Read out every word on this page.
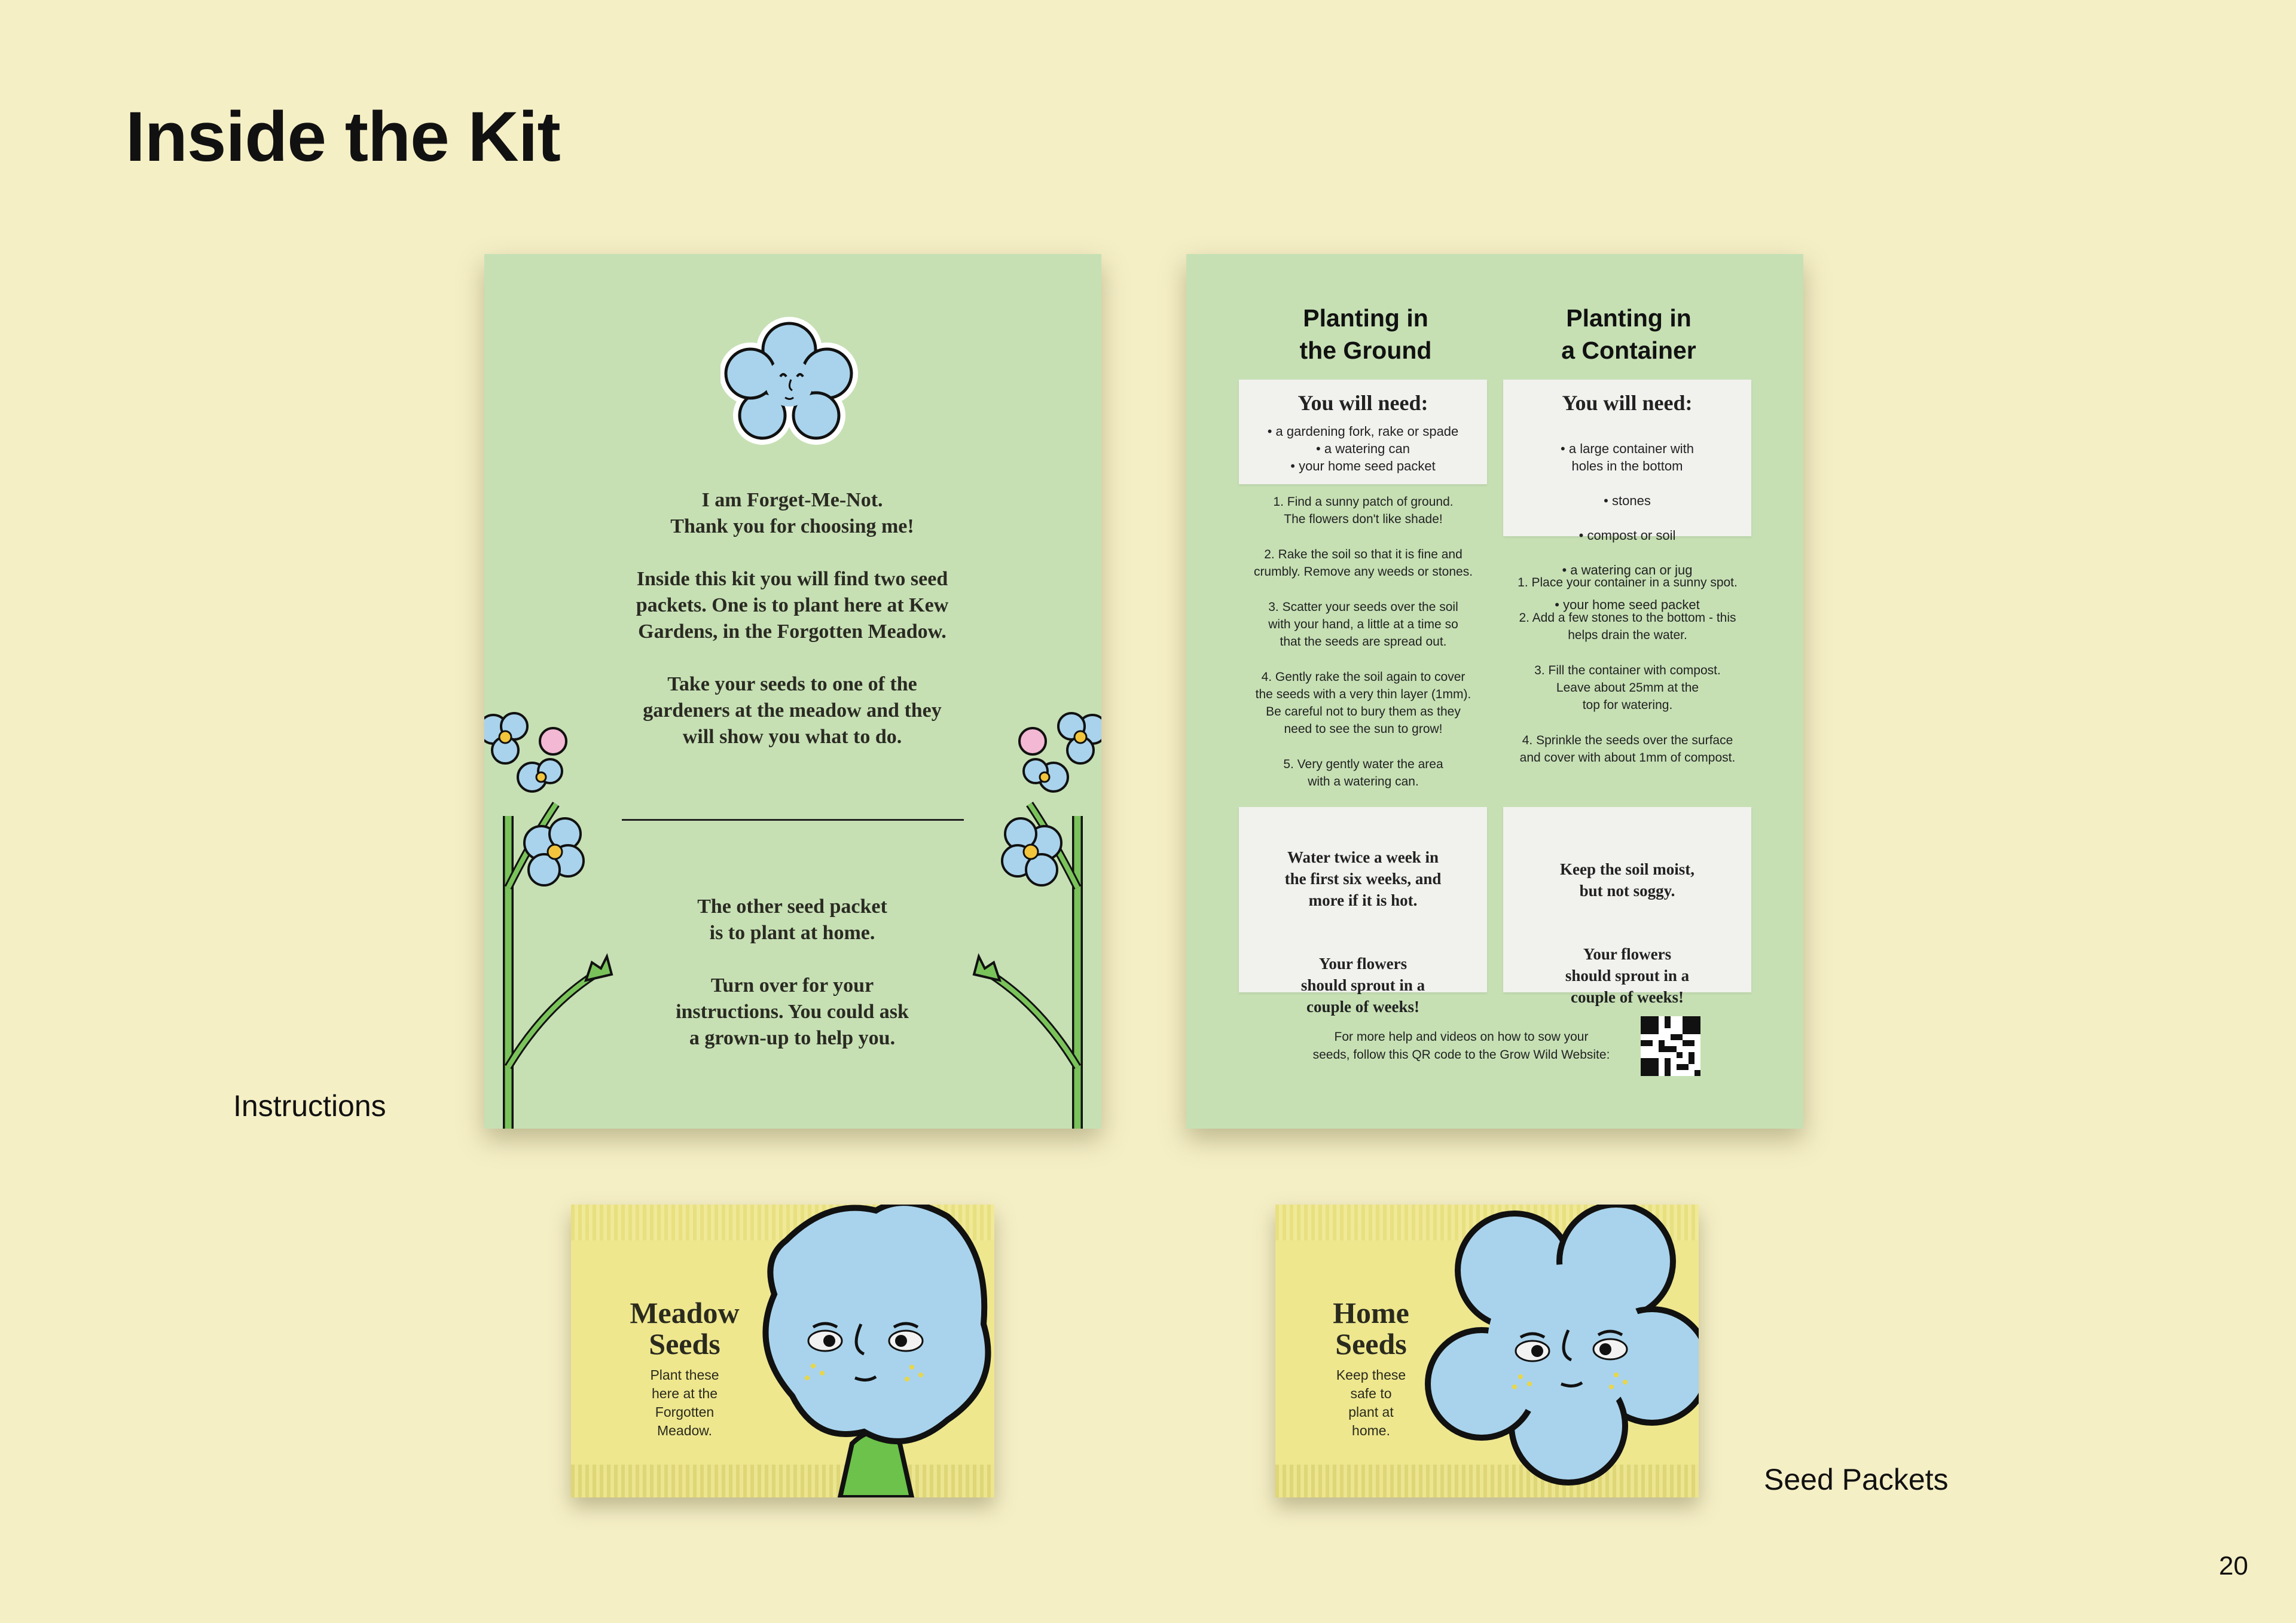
Inside the Kit
Instructions
Seed Packets
20

I am Forget-Me-Not.
Thank you for choosing me!

Inside this kit you will find two seed
packets. One is to plant here at Kew
Gardens, in the Forgotten Meadow.

Take your seeds to one of the
gardeners at the meadow and they
will show you what to do.

The other seed packet
is to plant at home.

Turn over for your
instructions. You could ask
a grown-up to help you.

Planting in
the Ground
You will need:
• a gardening fork, rake or spade
• a watering can
• your home seed packet

1. Find a sunny patch of ground.
The flowers don't like shade!

2. Rake the soil so that it is fine and
crumbly. Remove any weeds or stones.

3. Scatter your seeds over the soil
with your hand, a little at a time so
that the seeds are spread out.

4. Gently rake the soil again to cover
the seeds with a very thin layer (1mm).
Be careful not to bury them as they
need to see the sun to grow!

5. Very gently water the area
with a watering can.

Water twice a week in
the first six weeks, and
more if it is hot.

Your flowers
should sprout in a
couple of weeks!

Planting in
a Container
You will need:

• a large container with
holes in the bottom

• stones

• compost or soil

• a watering can or jug

• your home seed packet

1. Place your container in a sunny spot.

2. Add a few stones to the bottom - this
helps drain the water.

3. Fill the container with compost.
Leave about 25mm at the
top for watering.

4. Sprinkle the seeds over the surface
and cover with about 1mm of compost.

Keep the soil moist,
but not soggy.

Your flowers
should sprout in a
couple of weeks!

For more help and videos on how to sow your
seeds, follow this QR code to the Grow Wild Website:
Meadow
Seeds
Plant these
here at the
Forgotten
Meadow.
Home
Seeds
Keep these
safe to
plant at
home.
